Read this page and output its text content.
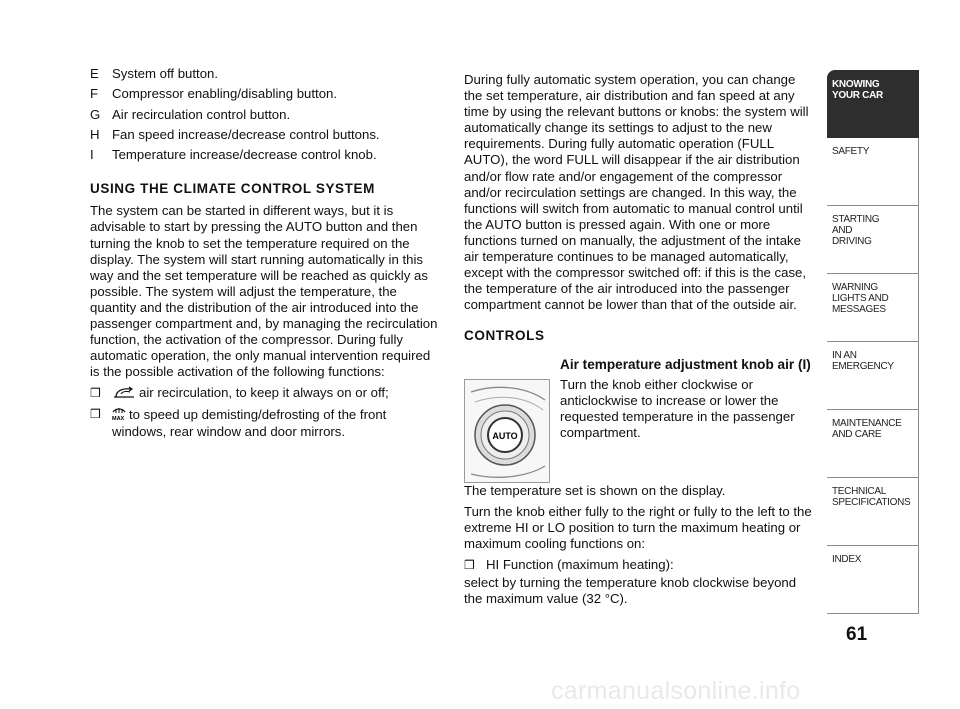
E	System off button.
F	Compressor enabling/disabling button.
G Air recirculation control button.
H Fan speed increase/decrease control buttons.
I	Temperature increase/decrease control knob.
USING THE CLIMATE CONTROL SYSTEM

The system can be started in different ways, but it is advisable to start by pressing the AUTO button and then turning the knob to set the temperature required on the display. The system will start running automatically in this way and the set temperature will be reached as quickly as possible. The system will adjust the temperature, the quantity and the distribution of the air introduced into the passenger compartment and, by managing the recirculation function, the activation of the compressor. During fully automatic operation, the only manual intervention required is the possible activation of the following functions:

❒	air recirculation, to keep it always on or off;
❒	MAX to speed up demisting/defrosting of the front windows, rear window and door mirrors.

During fully automatic system operation, you can change the set temperature, air distribution and fan speed at any time by using the relevant buttons or knobs: the system will automatically change its settings to adjust to the new requirements. During fully automatic operation (FULL AUTO), the word FULL will disappear if the air distribution and/or flow rate and/or engagement of the compressor and/or recirculation settings are changed. In this way, the functions will switch from automatic to manual control until the AUTO button is pressed again. With one or more functions turned on manually, the adjustment of the intake air temperature continues to be managed automatically, except with the compressor switched off: if this is the case, the temperature of the air introduced into the passenger compartment cannot be lower than that of the outside air.

CONTROLS
AUTO
Air temperature adjustment knob air (I)

Turn the knob either clockwise or anticlockwise to increase or lower the requested temperature in the passenger compartment.

The temperature set is shown on the display.

Turn the knob either fully to the right or fully to the left to the extreme HI or LO position to turn the maximum heating or maximum cooling functions on:

❒ HI Function (maximum heating):

select by turning the temperature knob clockwise beyond the maximum value (32 °C).

KNOWING
YOUR CAR
SAFETY
STARTING
AND
DRIVING
WARNING
LIGHTS AND
MESSAGES
IN AN
EMERGENCY
MAINTENANCE
AND CARE
TECHNICAL
SPECIFICATIONS
INDEX
61
carmanualsonline.info
